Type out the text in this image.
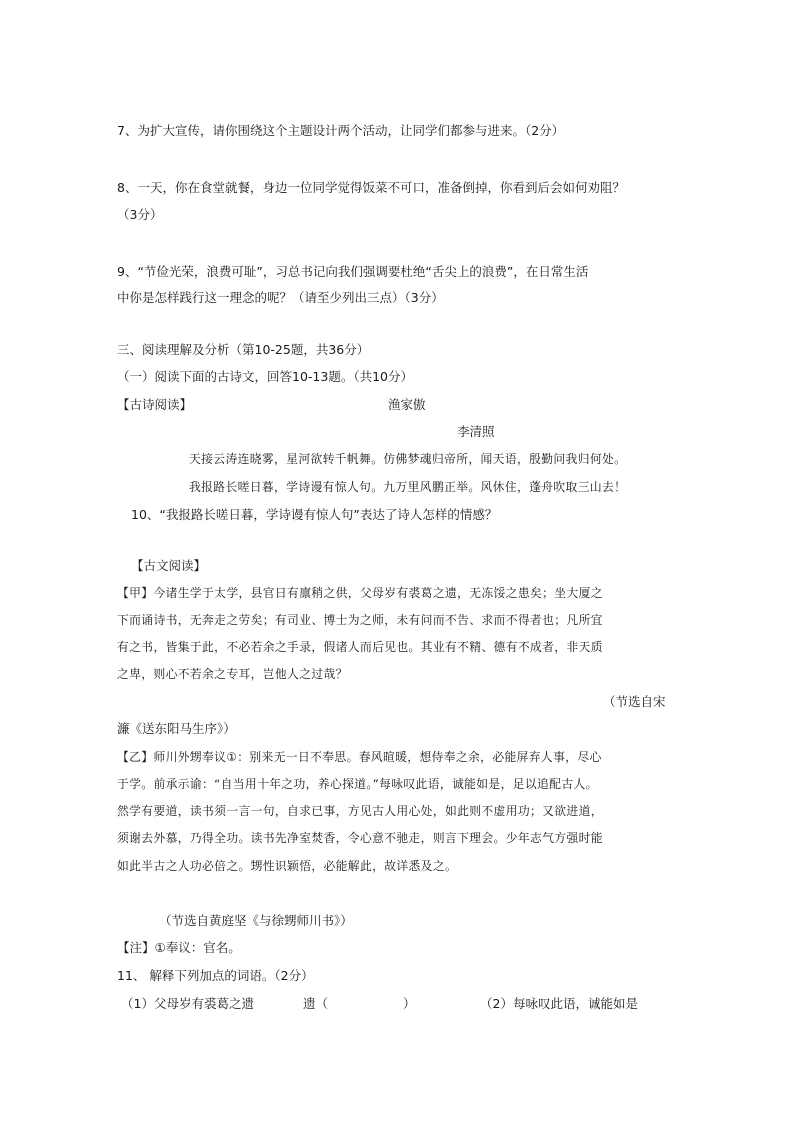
7、为扩大宣传，请你围绕这个主题设计两个活动，让同学们都参与进来。（2分）
8、一天，你在食堂就餐，身边一位同学觉得饭菜不可口，准备倒掉，你看到后会如何劝阻？
（3分）
9、“节俭光荣，浪费可耻”，习总书记向我们强调要杜绝“舌尖上的浪费”，在日常生活
中你是怎样践行这一理念的呢？（请至少列出三点）（3分）
三、阅读理解及分析（第10-25题，共36分）
（一）阅读下面的古诗文，回答10-13题。（共10分）
【古诗阅读】	渔家傲
李清照
天接云涛连晓雾，星河欲转千帆舞。仿佛梦魂归帝所，闻天语，殷勤问我归何处。
我报路长嗟日暮，学诗谩有惊人句。九万里风鹏正举。风休住，蓬舟吹取三山去！
10、“我报路长嗟日暮，学诗谩有惊人句”表达了诗人怎样的情感？
【古文阅读】
【甲】今诸生学于太学，县官日有廪稍之供，父母岁有裘葛之遗，无冻馁之患矣；坐大厦之
下而诵诗书，无奔走之劳矣；有司业、博士为之师，未有问而不告、求而不得者也；凡所宜
有之书，皆集于此，不必若余之手录，假诸人而后见也。其业有不精、德有不成者，非天质
之卑，则心不若余之专耳，岂他人之过哉？
（节选自宋
濂《送东阳马生序》）
【乙】师川外甥奉议①：别来无一日不奉思。春风暄暖，想侍奉之余，必能屏弃人事，尽心
于学。前承示谕：“自当用十年之功，养心探道。”每咏叹此语，诚能如是，足以追配古人。
然学有要道，读书须一言一句，自求已事，方见古人用心处，如此则不虚用功；又欲进道，
须谢去外慕，乃得全功。读书先净室焚香，令心意不驰走，则言下理会。少年志气方强时能
如此半古之人功必倍之。甥性识颖悟，必能解此，故详悉及之。
（节选自黄庭坚《与徐甥师川书》）
【注】①奉议：官名。
11、 解释下列加点的词语。（2分）
（1）父母岁有裘葛之遗	遗（	）	（2）每咏叹此语，诚能如是
